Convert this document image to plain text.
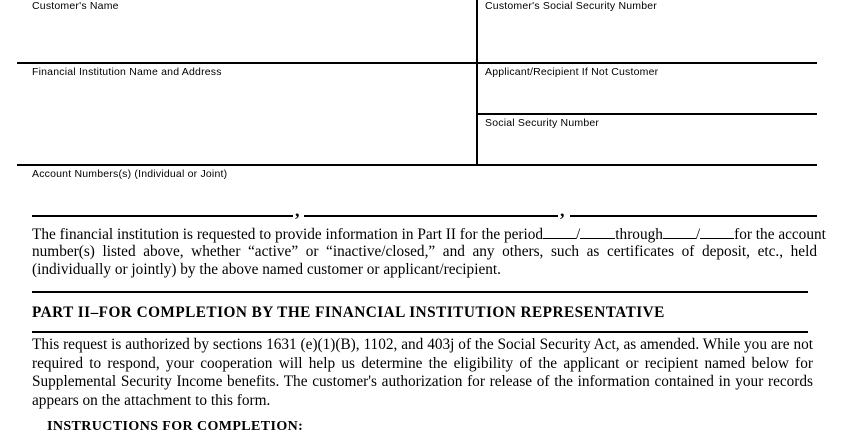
Customer's Name	Customer's Social Security Number
Financial Institution Name and Address	Applicant/Recipient If Not Customer
Social Security Number
Account Numbers(s) (Individual or Joint)
,	,
The financial institution is requested to provide information in Part II for the period / through / for the account
number(s) listed above, whether “active” or “inactive/closed,” and any others, such as certificates of deposit, etc., held (individually or jointly) by the above named customer or applicant/recipient.
PART II–FOR COMPLETION BY THE FINANCIAL INSTITUTION REPRESENTATIVE
This request is authorized by sections 1631 (e)(1)(B), 1102, and 403j of the Social Security Act, as amended. While you are not required to respond, your cooperation will help us determine the eligibility of the applicant or recipient named below for Supplemental Security Income benefits. The customer's authorization for release of the information contained in your records appears on the attachment to this form.
INSTRUCTIONS FOR COMPLETION:
